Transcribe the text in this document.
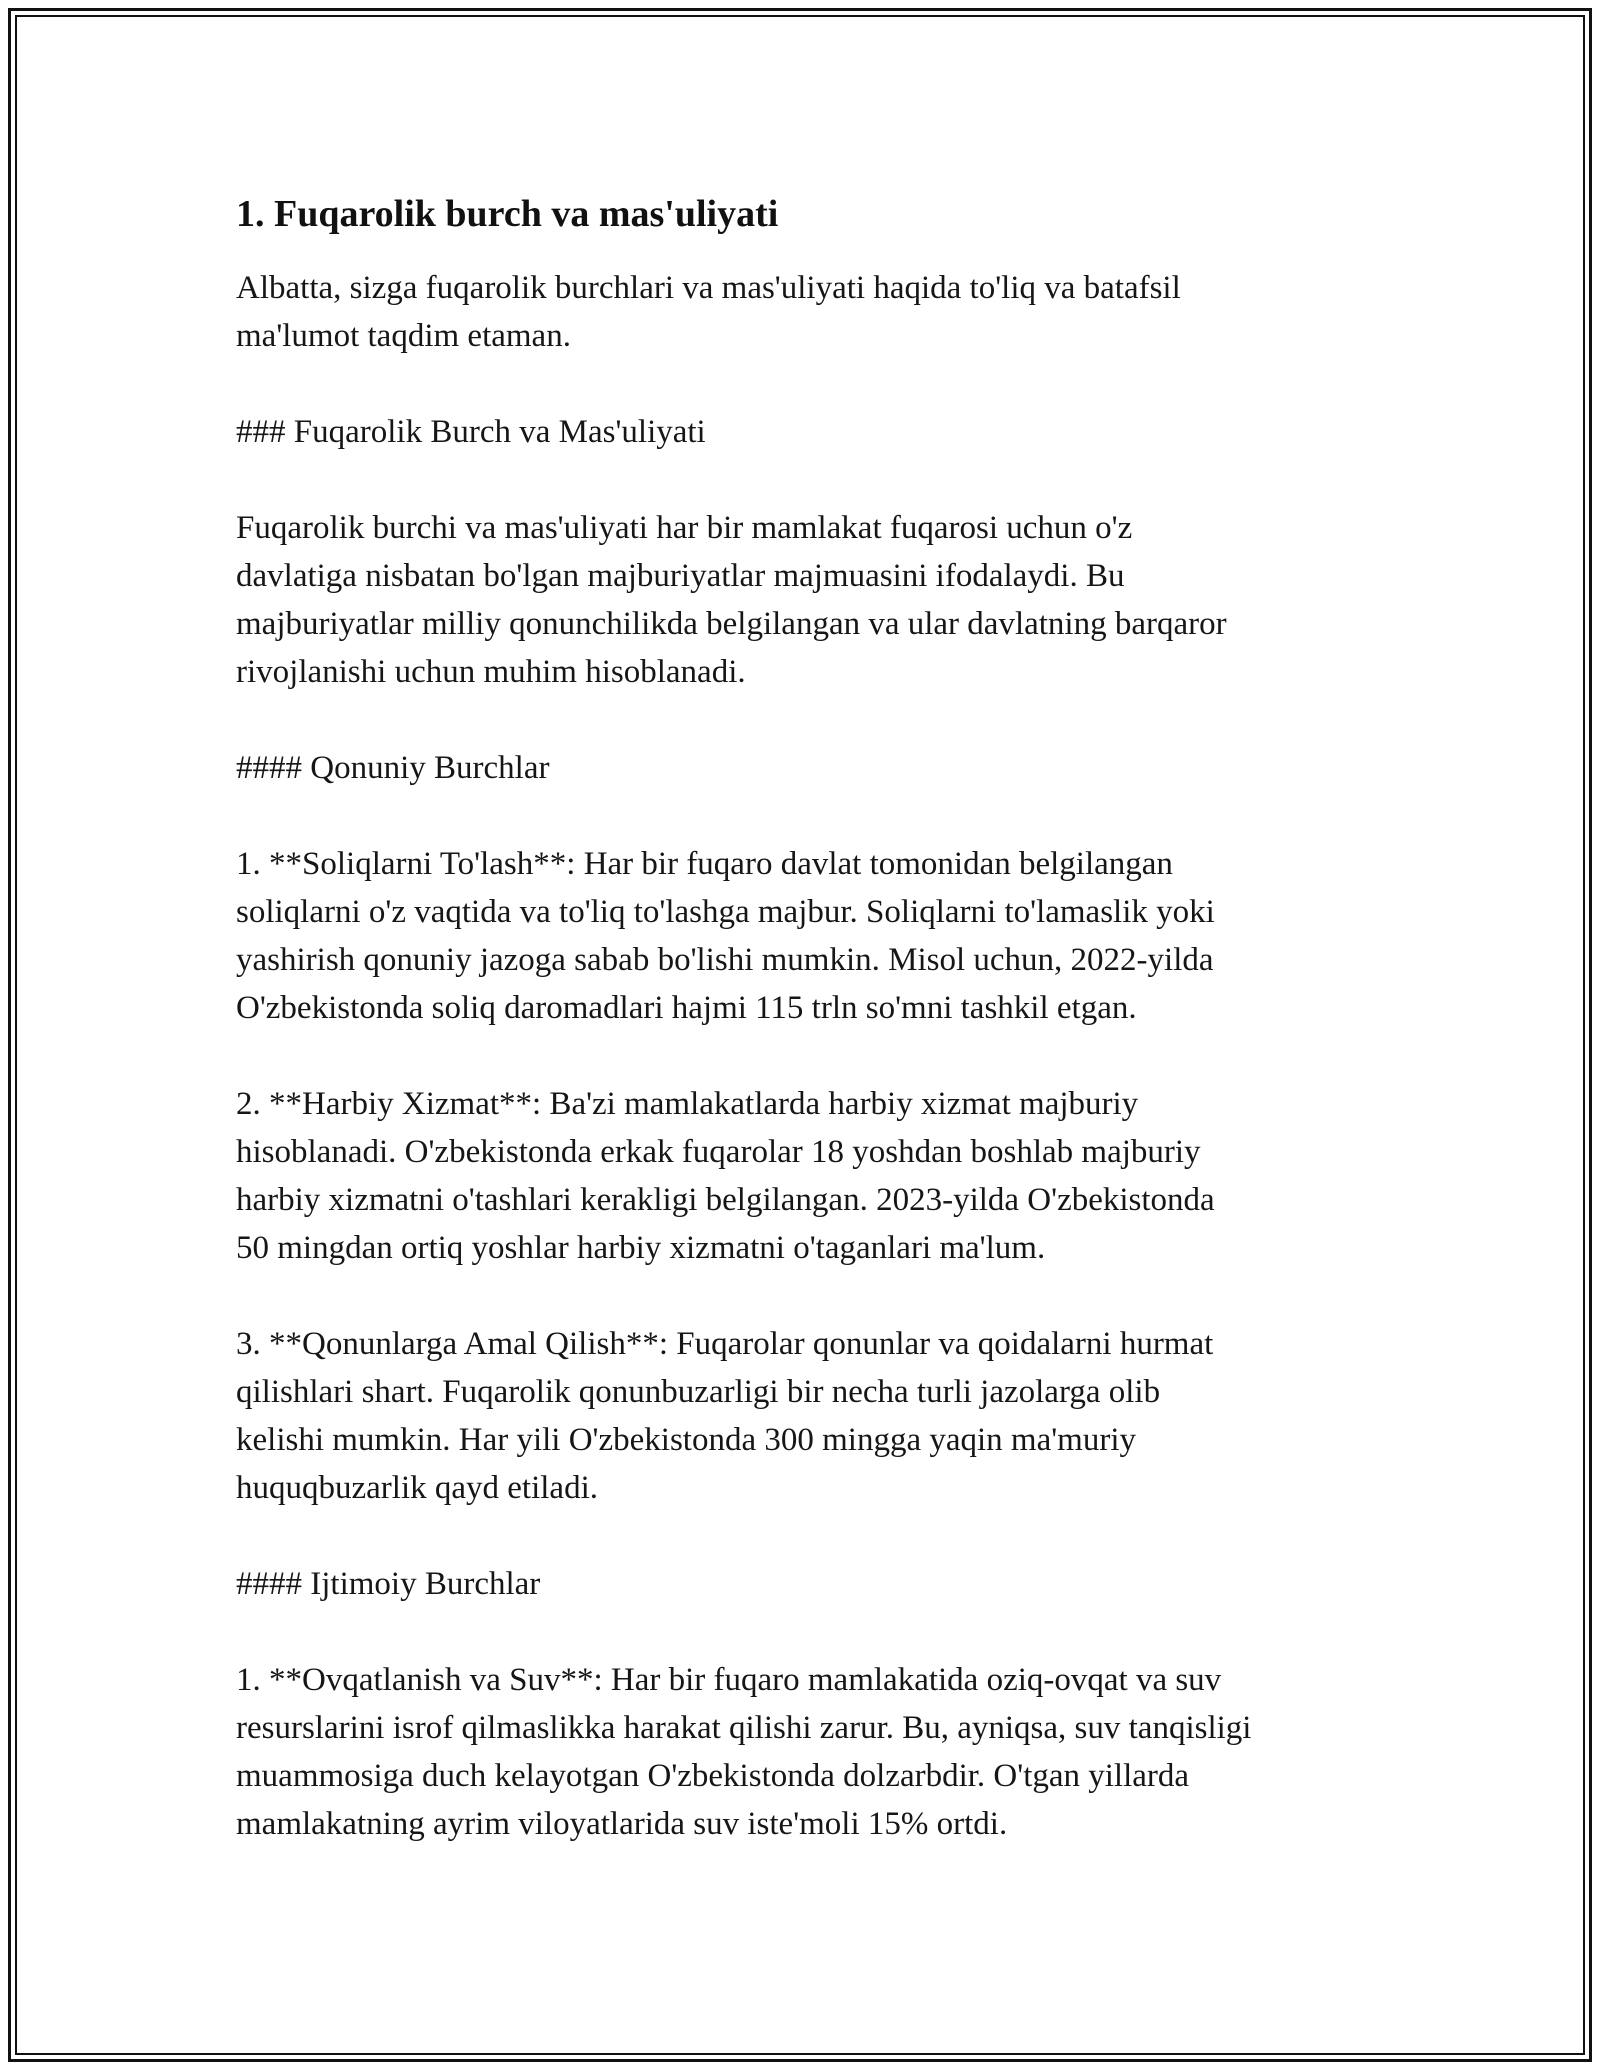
1. Fuqarolik burch va mas'uliyati

Albatta, sizga fuqarolik burchlari va mas'uliyati haqida to'liq va batafsil
ma'lumot taqdim etaman.

### Fuqarolik Burch va Mas'uliyati

Fuqarolik burchi va mas'uliyati har bir mamlakat fuqarosi uchun o'z
davlatiga nisbatan bo'lgan majburiyatlar majmuasini ifodalaydi. Bu
majburiyatlar milliy qonunchilikda belgilangan va ular davlatning barqaror
rivojlanishi uchun muhim hisoblanadi.

#### Qonuniy Burchlar

1. **Soliqlarni To'lash**: Har bir fuqaro davlat tomonidan belgilangan
soliqlarni o'z vaqtida va to'liq to'lashga majbur. Soliqlarni to'lamaslik yoki
yashirish qonuniy jazoga sabab bo'lishi mumkin. Misol uchun, 2022-yilda
O'zbekistonda soliq daromadlari hajmi 115 trln so'mni tashkil etgan.

2. **Harbiy Xizmat**: Ba'zi mamlakatlarda harbiy xizmat majburiy
hisoblanadi. O'zbekistonda erkak fuqarolar 18 yoshdan boshlab majburiy
harbiy xizmatni o'tashlari kerakligi belgilangan. 2023-yilda O'zbekistonda
50 mingdan ortiq yoshlar harbiy xizmatni o'taganlari ma'lum.

3. **Qonunlarga Amal Qilish**: Fuqarolar qonunlar va qoidalarni hurmat
qilishlari shart. Fuqarolik qonunbuzarligi bir necha turli jazolarga olib
kelishi mumkin. Har yili O'zbekistonda 300 mingga yaqin ma'muriy
huquqbuzarlik qayd etiladi.

#### Ijtimoiy Burchlar

1. **Ovqatlanish va Suv**: Har bir fuqaro mamlakatida oziq-ovqat va suv
resurslarini isrof qilmaslikka harakat qilishi zarur. Bu, ayniqsa, suv tanqisligi
muammosiga duch kelayotgan O'zbekistonda dolzarbdir. O'tgan yillarda
mamlakatning ayrim viloyatlarida suv iste'moli 15% ortdi.
